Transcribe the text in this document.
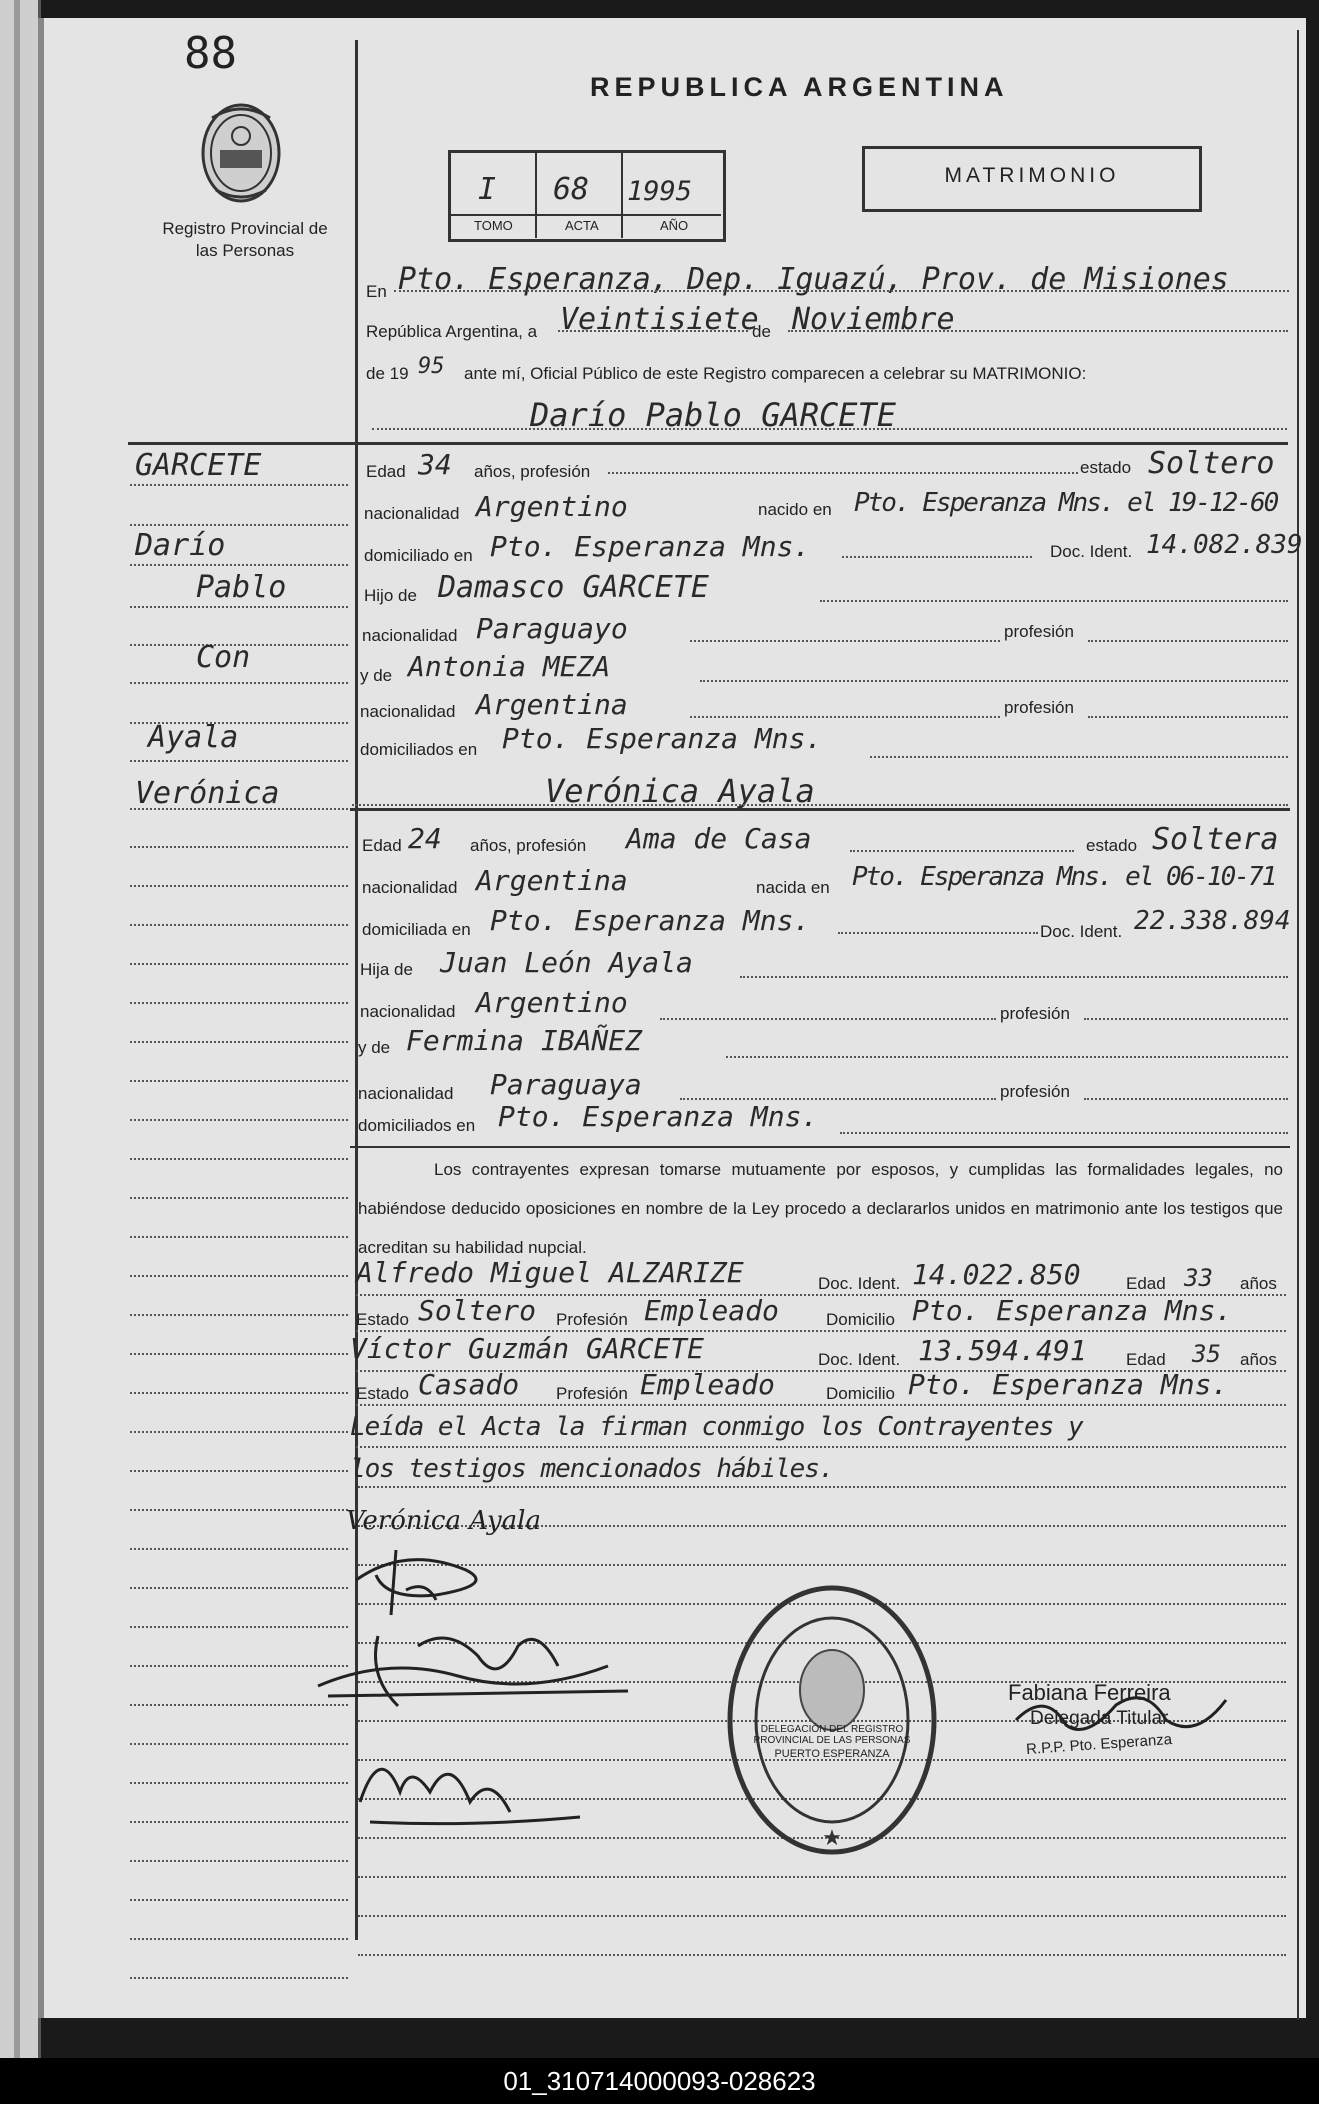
88
Registro Provincial de las Personas
REPUBLICA ARGENTINA
I 68 1995
TOMO	ACTA	AÑO
MATRIMONIO
En Pto. Esperanza, Dep. Iguazú, Prov. de Misiones
República Argentina, a Veintisiete
de Noviembre
de 19 95 ante mí, Oficial Público de este Registro comparecen a celebrar su MATRIMONIO:
Darío Pablo GARCETE
GARCETE
Darío
Pablo
Con
Ayala
Verónica
Edad 34 años, profesión	estado Soltero
nacionalidad Argentino	nacido en Pto. Esperanza Mns. el 19-12-60
domiciliado en Pto. Esperanza Mns.	Doc. Ident. 14.082.839
Hijo de Damasco GARCETE
nacionalidad Paraguayo	profesión
y de Antonia MEZA
nacionalidad Argentina	profesión
domiciliados en Pto. Esperanza Mns.
Verónica Ayala
Edad 24 años, profesión Ama de Casa	estado Soltera
nacionalidad Argentina	nacida en Pto. Esperanza Mns. el 06-10-71
domiciliada en Pto. Esperanza Mns.	Doc. Ident. 22.338.894
Hija de Juan León Ayala
nacionalidad Argentino	profesión
y de Fermina IBAÑEZ
nacionalidad Paraguaya	profesión
domiciliados en Pto. Esperanza Mns.
Los contrayentes expresan tomarse mutuamente por esposos, y cumplidas las formalidades legales, no habiéndose deducido oposiciones en nombre de la Ley procedo a declararlos unidos en matrimonio ante los testigos que acreditan su habilidad nupcial.
Alfredo Miguel ALZARIZE	Doc. Ident. 14.022.850	Edad 33 años
Estado Soltero Profesión Empleado	Domicilio Pto. Esperanza Mns.
Víctor Guzmán GARCETE	Doc. Ident. 13.594.491 Edad 35 años
Estado Casado Profesión Empleado	Domicilio Pto. Esperanza Mns.
Leída el Acta la firman conmigo los Contrayentes y
los testigos mencionados hábiles.
Verónica Ayala
★
DELEGACIÓN DEL REGISTRO PROVINCIAL DE LAS PERSONAS
PUERTO ESPERANZA
Fabiana Ferreira
Delegada Titular
R.P.P. Pto. Esperanza
01_310714000093-028623
